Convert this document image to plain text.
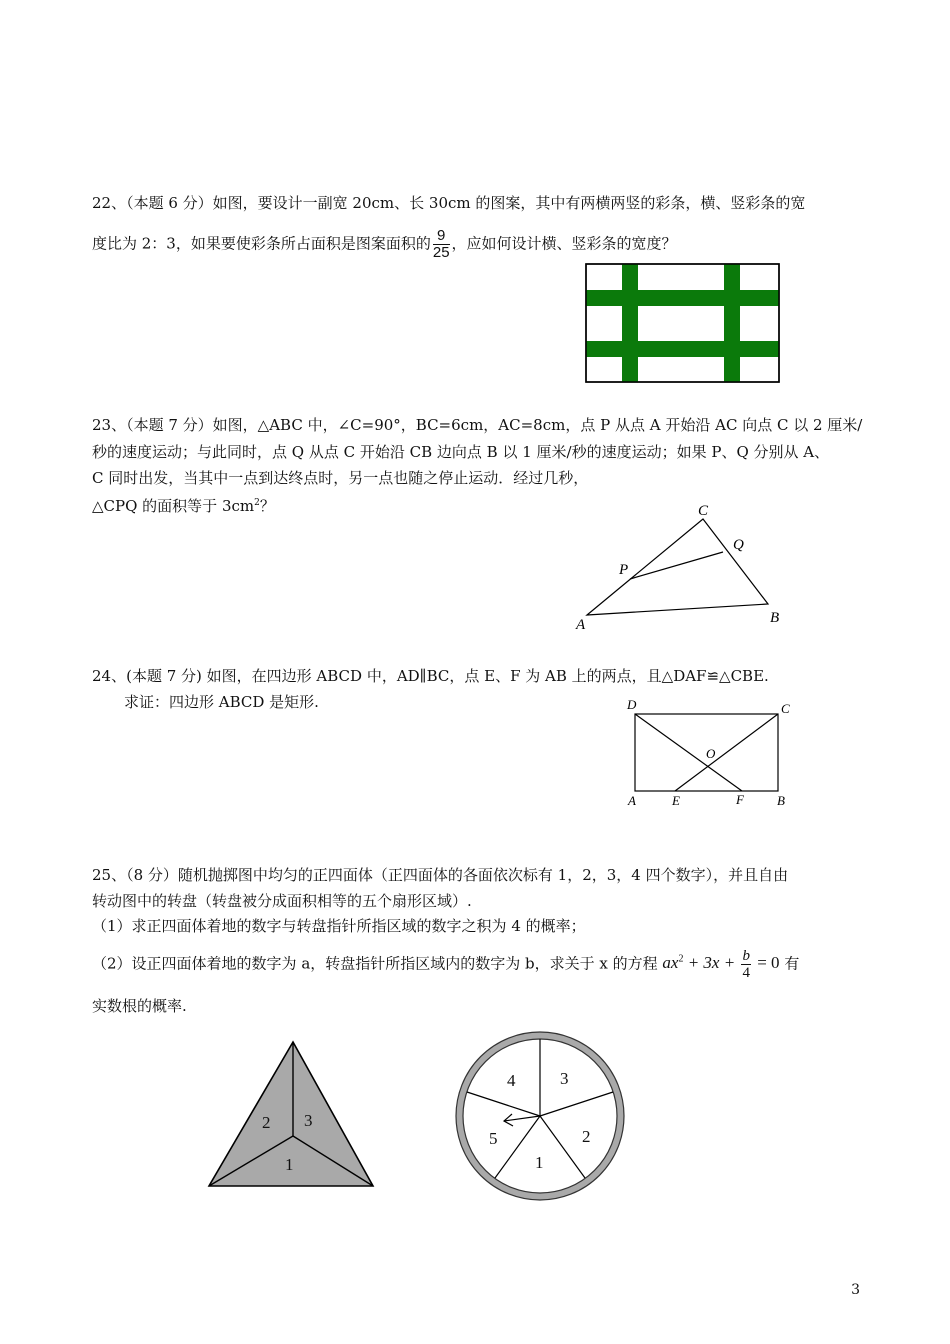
22、（本题 6 分）如图，要设计一副宽 20cm、长 30cm 的图案，其中有两横两竖的彩条，横、竖彩条的宽
度比为 2：3，如果要使彩条所占面积是图案面积的 $\frac{9}{25}$ ，应如何设计横、竖彩条的宽度？
23、（本题 7 分）如图，△ABC 中，∠C=90°，BC=6cm，AC=8cm，点 P 从点 A 开始沿 AC 向点 C 以 2 厘米/
秒的速度运动；与此同时，点 Q 从点 C 开始沿 CB 边向点 B 以 1 厘米/秒的速度运动；如果 P、Q 分别从 A、
C 同时出发，当其中一点到达终点时，另一点也随之停止运动．经过几秒，
△CPQ 的面积等于 $3cm^2$？	C
Q
P
A	B
24、(本题 7 分) 如图，在四边形 ABCD 中，AD∥BC，点 E、F 为 AB 上的两点，且△DAF≌△CBE.
求证：四边形 ABCD 是矩形.	D	C
O
A	E	F	B
25、（8 分）随机抛掷图中均匀的正四面体（正四面体的各面依次标有 1，2，3，4 四个数字），并且自由
转动图中的转盘（转盘被分成面积相等的五个扇形区域）.
（1）求正四面体着地的数字与转盘指针所指区域的数字之积为 4 的概率；
（2）设正四面体着地的数字为 a，转盘指针所指区域内的数字为 b，求关于 x 的方程 $ax^2 + 3x + \frac{b}{4} = 0$ 有
实数根的概率.
2 3
1
4	3
5	2
1
3
